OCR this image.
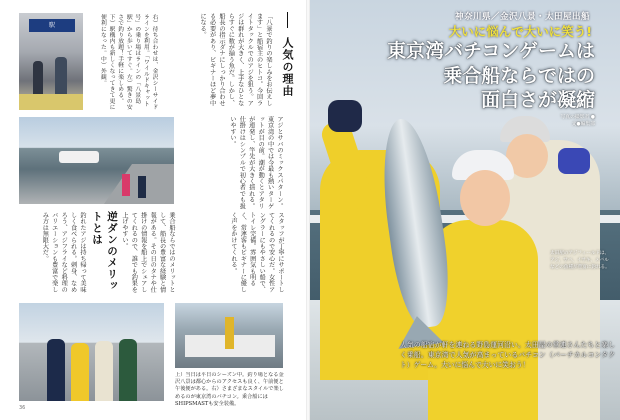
駅	右）待ち合わせは、金沢シーサイドラインを利用。「ワイルドキャット号」の乗り場はラインの「八景島駅」から歩いてすぐ。左）驚きの安さで釣り放題！手軽に楽しめる。下）駅構内も新しくなってきて更に便利になった。中）外観。	「八景で釣りの楽しみをお伝えします」と船宿主のヒトコ。今回ライトタックルでのアジを狙う。アジは群れが大きく、上手なひとならすぐに数が揃う魚だ。しかし、船長の指示ダナにしっかり合わせる必要があり、ビギナーほど夢中になる。
人気の理由
アジとサバのミックスパターン。東京湾の中では今最も熱いターゲットが目の前。潮が動くとアタリが連発し、竿先が大きく揺れる。仕掛けはシンプルで初心者でも扱いやすい。
スタッフが丁寧にサポートしてくれるので安心だ。女性アングラーにもやさしい船で、トイレ完備。雰囲気も明るく、常連客もビギナーに優しく声をかけてくれる。
乗合船ならではのメリットとして、船長の豊富な経験と情報がある。その日のタナや仕掛けの情報を船上でシェアしてくれるので、誰でも釣果を上げやすい。
逆ダンのメリットとは
釣れたアジは持ち帰って美味しく食べられる。刺身、なめろう、アジフライなど料理のバリエーションも豊富で楽しみ方は無限大だ。
上）当日は平日のシーズン中。釣り場となる金沢八景は都心からのアクセスも良く、午前便と午後便がある。右）さまざまなスタイルで楽しめるのが東京湾のバチコン。乗合船にはSHIPSMASTも安全装備。
36
神奈川県／金沢八景・太田屋出船
大いに悩んで大いに笑う!
東京湾バチコンゲームは
乗合船ならではの
面白さが凝縮
写真の撮影者 ●
文●編集部
太田屋のアジフィールドは、アジ、サバ、イサキ、メバルなどの魚種が豊富に釣れる。
人気の船宿が軒を連ねる野島運河沿い。太田屋の常連さんたちと楽しく乗船。東京湾で人気が高まっているバチコン（バーチカルコンタクト）ゲーム。大いに悩んで大いに笑おう！
